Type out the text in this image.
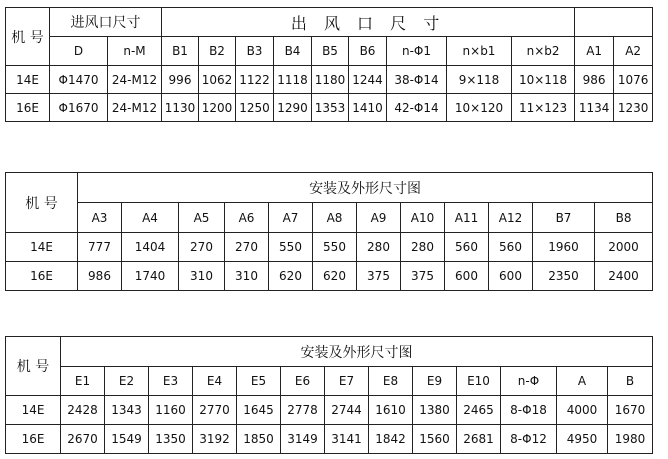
机 号	进风口尺寸		出 风 口 尺 寸										
	D	n-M	B1	B2	B3	B4	B5	B6	n-Φ1	n×b1	n×b2	A1	A2
14E	Φ1470	24-M12	996	1062	1122	1118	1180	1244	38-Φ14	9×118	10×118	986	1076
16E	Φ1670	24-M12	1130	1200	1250	1290	1353	1410	42-Φ14	10×120	11×123	1134	1230
机 号	安装及外形尺寸图											
	A3	A4	A5	A6	A7	A8	A9	A10	A11	A12	B7	B8
14E	777	1404	270	270	550	550	280	280	560	560	1960	2000
16E	986	1740	310	310	620	620	375	375	600	600	2350	2400
机 号	安装及外形尺寸图												
	E1	E2	E3	E4	E5	E6	E7	E8	E9	E10	n-Φ	A	B
14E	2428	1343	1160	2770	1645	2778	2744	1610	1380	2465	8-Φ18	4000	1670
16E	2670	1549	1350	3192	1850	3149	3141	1842	1560	2681	8-Φ12	4950	1980
